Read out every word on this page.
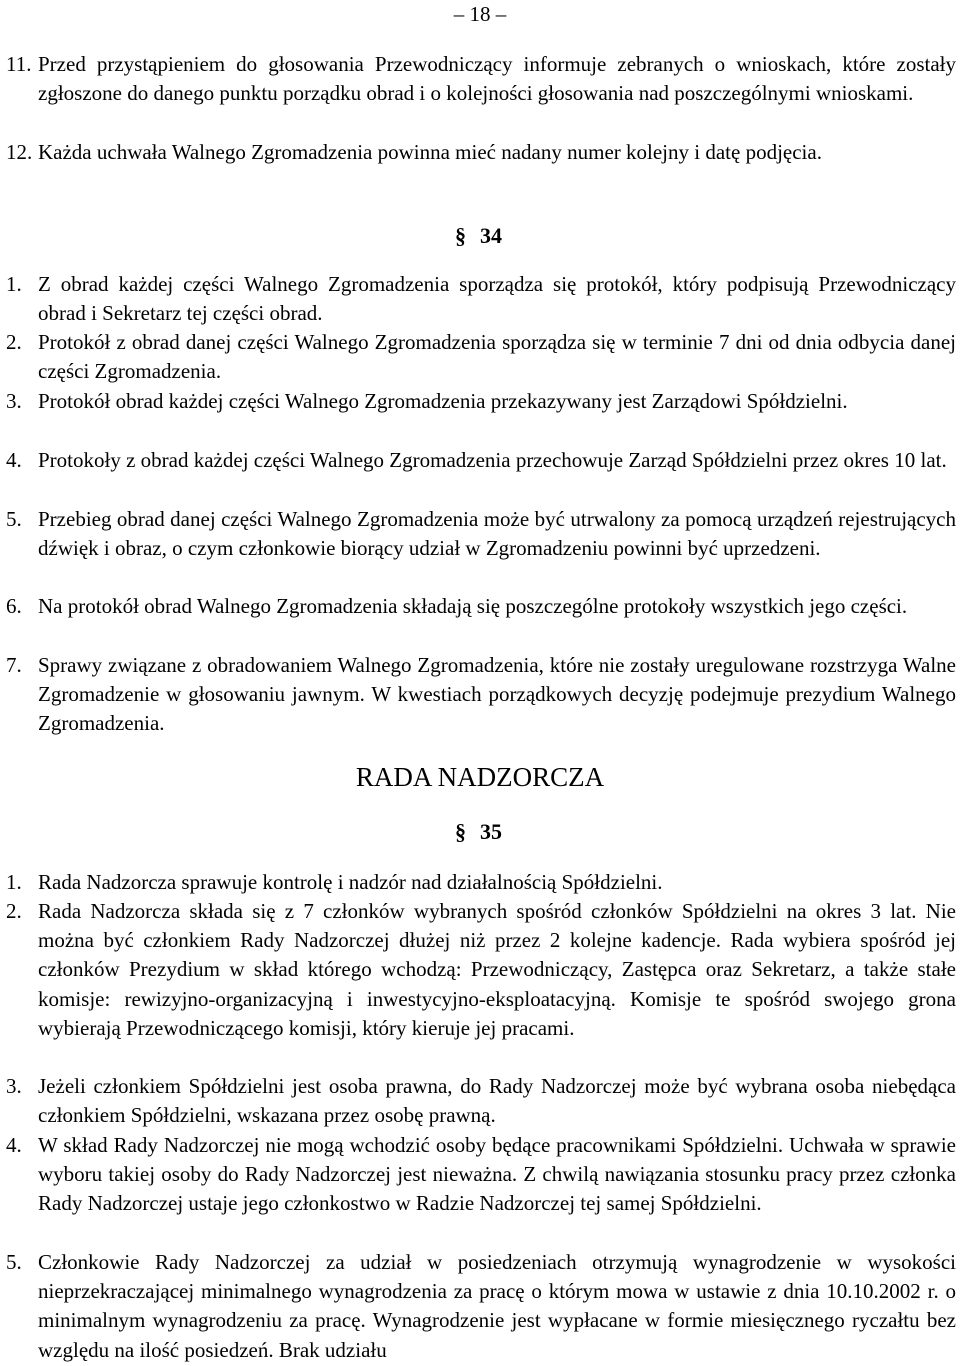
– 18 –
11. Przed przystąpieniem do głosowania Przewodniczący informuje zebranych o wnioskach, które zostały zgłoszone do danego punktu porządku obrad i o kolejności głosowania nad poszczególnymi wnioskami.
12. Każda uchwała Walnego Zgromadzenia powinna mieć nadany numer kolejny i datę podjęcia.
§ 34
1. Z obrad każdej części Walnego Zgromadzenia sporządza się protokół, który podpisują Przewodniczący obrad i Sekretarz tej części obrad.
2. Protokół z obrad danej części Walnego Zgromadzenia sporządza się w terminie 7 dni od dnia odbycia danej części Zgromadzenia.
3. Protokół obrad każdej części Walnego Zgromadzenia przekazywany jest Zarządowi Spółdzielni.
4. Protokoły z obrad każdej części Walnego Zgromadzenia przechowuje Zarząd Spółdzielni przez okres 10 lat.
5. Przebieg obrad danej części Walnego Zgromadzenia może być utrwalony za pomocą urządzeń rejestrujących dźwięk i obraz, o czym członkowie biorący udział w Zgromadzeniu powinni być uprzedzeni.
6. Na protokół obrad Walnego Zgromadzenia składają się poszczególne protokoły wszystkich jego części.
7. Sprawy związane z obradowaniem Walnego Zgromadzenia, które nie zostały uregulowane rozstrzyga Walne Zgromadzenie w głosowaniu jawnym. W kwestiach porządkowych decyzję podejmuje prezydium Walnego Zgromadzenia.
RADA NADZORCZA
§ 35
1. Rada Nadzorcza sprawuje kontrolę i nadzór nad działalnością Spółdzielni.
2. Rada Nadzorcza składa się z 7 członków wybranych spośród członków Spółdzielni na okres 3 lat. Nie można być członkiem Rady Nadzorczej dłużej niż przez 2 kolejne kadencje. Rada wybiera spośród jej członków Prezydium w skład którego wchodzą: Przewodniczący, Zastępca oraz Sekretarz, a także stałe komisje: rewizyjno-organizacyjną i inwestycyjno-eksploatacyjną. Komisje te spośród swojego grona wybierają Przewodniczącego komisji, który kieruje jej pracami.
3. Jeżeli członkiem Spółdzielni jest osoba prawna, do Rady Nadzorczej może być wybrana osoba niebędąca członkiem Spółdzielni, wskazana przez osobę prawną.
4. W skład Rady Nadzorczej nie mogą wchodzić osoby będące pracownikami Spółdzielni. Uchwała w sprawie wyboru takiej osoby do Rady Nadzorczej jest nieważna. Z chwilą nawiązania stosunku pracy przez członka Rady Nadzorczej ustaje jego członkostwo w Radzie Nadzorczej tej samej Spółdzielni.
5. Członkowie Rady Nadzorczej za udział w posiedzeniach otrzymują wynagrodzenie w wysokości nieprzekraczającej minimalnego wynagrodzenia za pracę o którym mowa w ustawie z dnia 10.10.2002 r. o minimalnym wynagrodzeniu za pracę. Wynagrodzenie jest wypłacane w formie miesięcznego ryczałtu bez względu na ilość posiedzeń. Brak udziału
